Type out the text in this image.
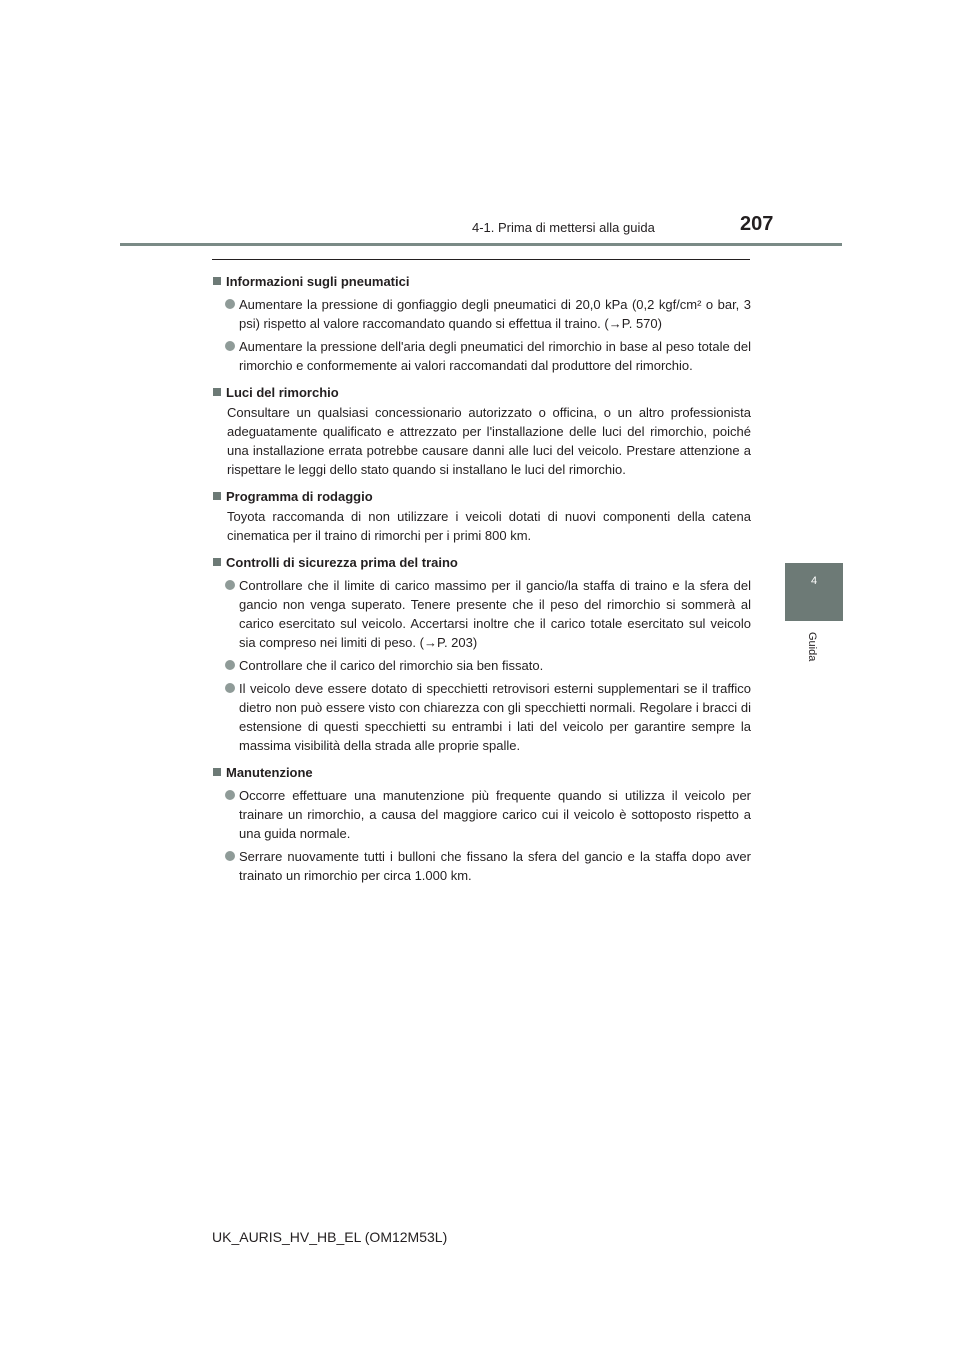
4-1. Prima di mettersi alla guida	207
4
Guida
Informazioni sugli pneumatici
Aumentare la pressione di gonfiaggio degli pneumatici di 20,0 kPa (0,2 kgf/cm² o bar, 3 psi) rispetto al valore raccomandato quando si effettua il traino. (→P. 570)
Aumentare la pressione dell'aria degli pneumatici del rimorchio in base al peso totale del rimorchio e conformemente ai valori raccomandati dal produttore del rimorchio.
Luci del rimorchio
Consultare un qualsiasi concessionario autorizzato o officina, o un altro professionista adeguatamente qualificato e attrezzato per l'installazione delle luci del rimorchio, poiché una installazione errata potrebbe causare danni alle luci del veicolo. Prestare attenzione a rispettare le leggi dello stato quando si installano le luci del rimorchio.
Programma di rodaggio
Toyota raccomanda di non utilizzare i veicoli dotati di nuovi componenti della catena cinematica per il traino di rimorchi per i primi 800 km.
Controlli di sicurezza prima del traino
Controllare che il limite di carico massimo per il gancio/la staffa di traino e la sfera del gancio non venga superato. Tenere presente che il peso del rimorchio si sommerà al carico esercitato sul veicolo. Accertarsi inoltre che il carico totale esercitato sul veicolo sia compreso nei limiti di peso. (→P. 203)
Controllare che il carico del rimorchio sia ben fissato.
Il veicolo deve essere dotato di specchietti retrovisori esterni supplementari se il traffico dietro non può essere visto con chiarezza con gli specchietti normali. Regolare i bracci di estensione di questi specchietti su entrambi i lati del veicolo per garantire sempre la massima visibilità della strada alle proprie spalle.
Manutenzione
Occorre effettuare una manutenzione più frequente quando si utilizza il veicolo per trainare un rimorchio, a causa del maggiore carico cui il veicolo è sottoposto rispetto a una guida normale.
Serrare nuovamente tutti i bulloni che fissano la sfera del gancio e la staffa dopo aver trainato un rimorchio per circa 1.000 km.
UK_AURIS_HV_HB_EL (OM12M53L)
